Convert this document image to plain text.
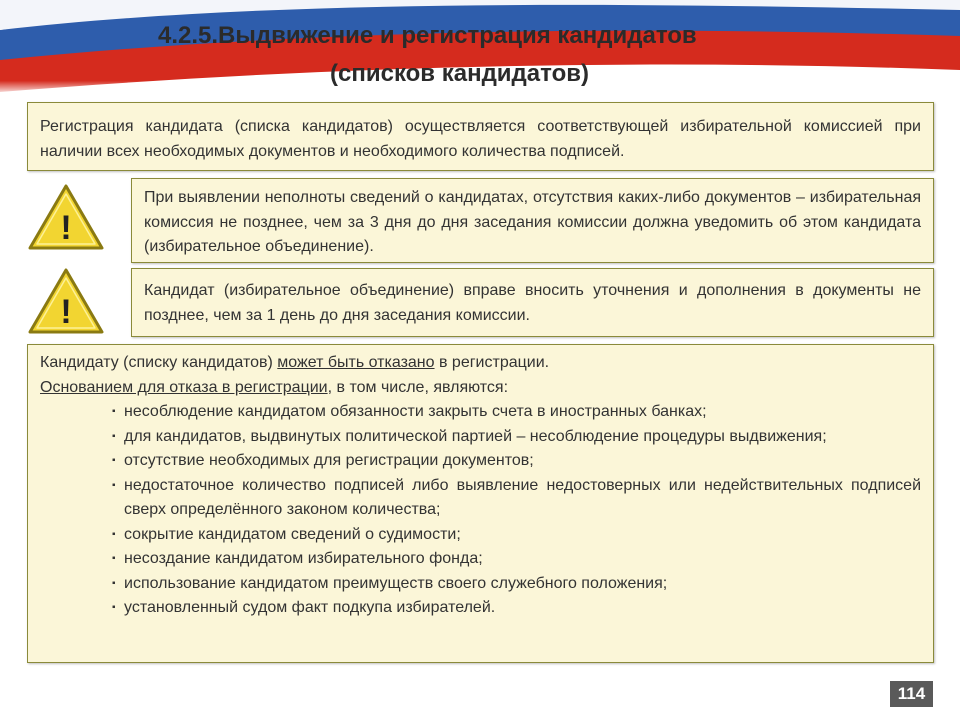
4.2.5.Выдвижение и регистрация кандидатов
(списков кандидатов)
Регистрация кандидата (списка кандидатов) осуществляется соответствующей избирательной комиссией при наличии всех необходимых документов и необходимого количества подписей.
!
При выявлении неполноты сведений о кандидатах, отсутствия каких-либо документов – избирательная комиссия не позднее, чем за 3 дня до дня заседания комиссии должна уведомить об этом кандидата (избирательное объединение).
!
Кандидат (избирательное объединение) вправе вносить уточнения и дополнения в документы не позднее, чем за 1 день до дня заседания комиссии.
Кандидату (списку кандидатов) может быть отказано в регистрации.
Основанием для отказа в регистрации, в том числе, являются:
▪ несоблюдение кандидатом обязанности закрыть счета в иностранных банках;
▪ для кандидатов, выдвинутых политической партией – несоблюдение процедуры выдвижения;
▪ отсутствие необходимых для регистрации документов;
▪ недостаточное количество подписей либо выявление недостоверных или недействительных подписей сверх определённого законом количества;
▪ сокрытие кандидатом сведений о судимости;
▪ несоздание кандидатом избирательного фонда;
▪ использование кандидатом преимуществ своего служебного положения;
▪ установленный судом факт подкупа избирателей.
114
